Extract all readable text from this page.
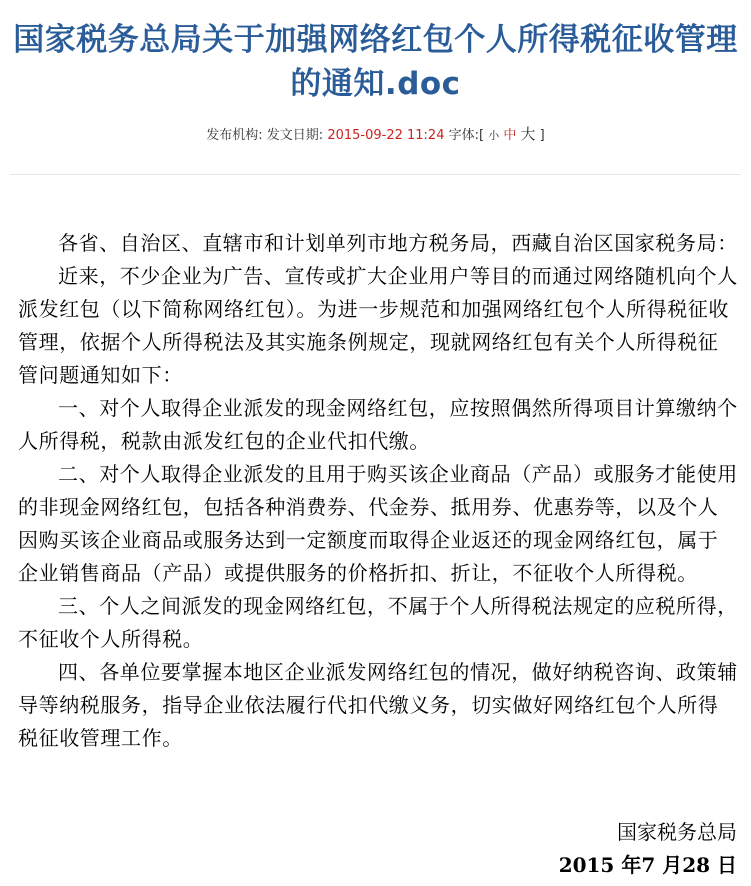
国家税务总局关于加强网络红包个人所得税征收管理的通知.doc
发布机构: 发文日期: 2015-09-22 11:24 字体:[ 小 中 大 ]

各省、自治区、直辖市和计划单列市地方税务局，西藏自治区国家税务局：

近来，不少企业为广告、宣传或扩大企业用户等目的而通过网络随机向个人派发红包（以下简称网络红包）。为进一步规范和加强网络红包个人所得税征收管理，依据个人所得税法及其实施条例规定，现就网络红包有关个人所得税征管问题通知如下：

一、对个人取得企业派发的现金网络红包，应按照偶然所得项目计算缴纳个人所得税，税款由派发红包的企业代扣代缴。

二、对个人取得企业派发的且用于购买该企业商品（产品）或服务才能使用的非现金网络红包，包括各种消费券、代金券、抵用券、优惠券等，以及个人因购买该企业商品或服务达到一定额度而取得企业返还的现金网络红包，属于企业销售商品（产品）或提供服务的价格折扣、折让，不征收个人所得税。

三、个人之间派发的现金网络红包，不属于个人所得税法规定的应税所得，不征收个人所得税。

四、各单位要掌握本地区企业派发网络红包的情况，做好纳税咨询、政策辅导等纳税服务，指导企业依法履行代扣代缴义务，切实做好网络红包个人所得税征收管理工作。

国家税务总局
2015 年7 月28 日
